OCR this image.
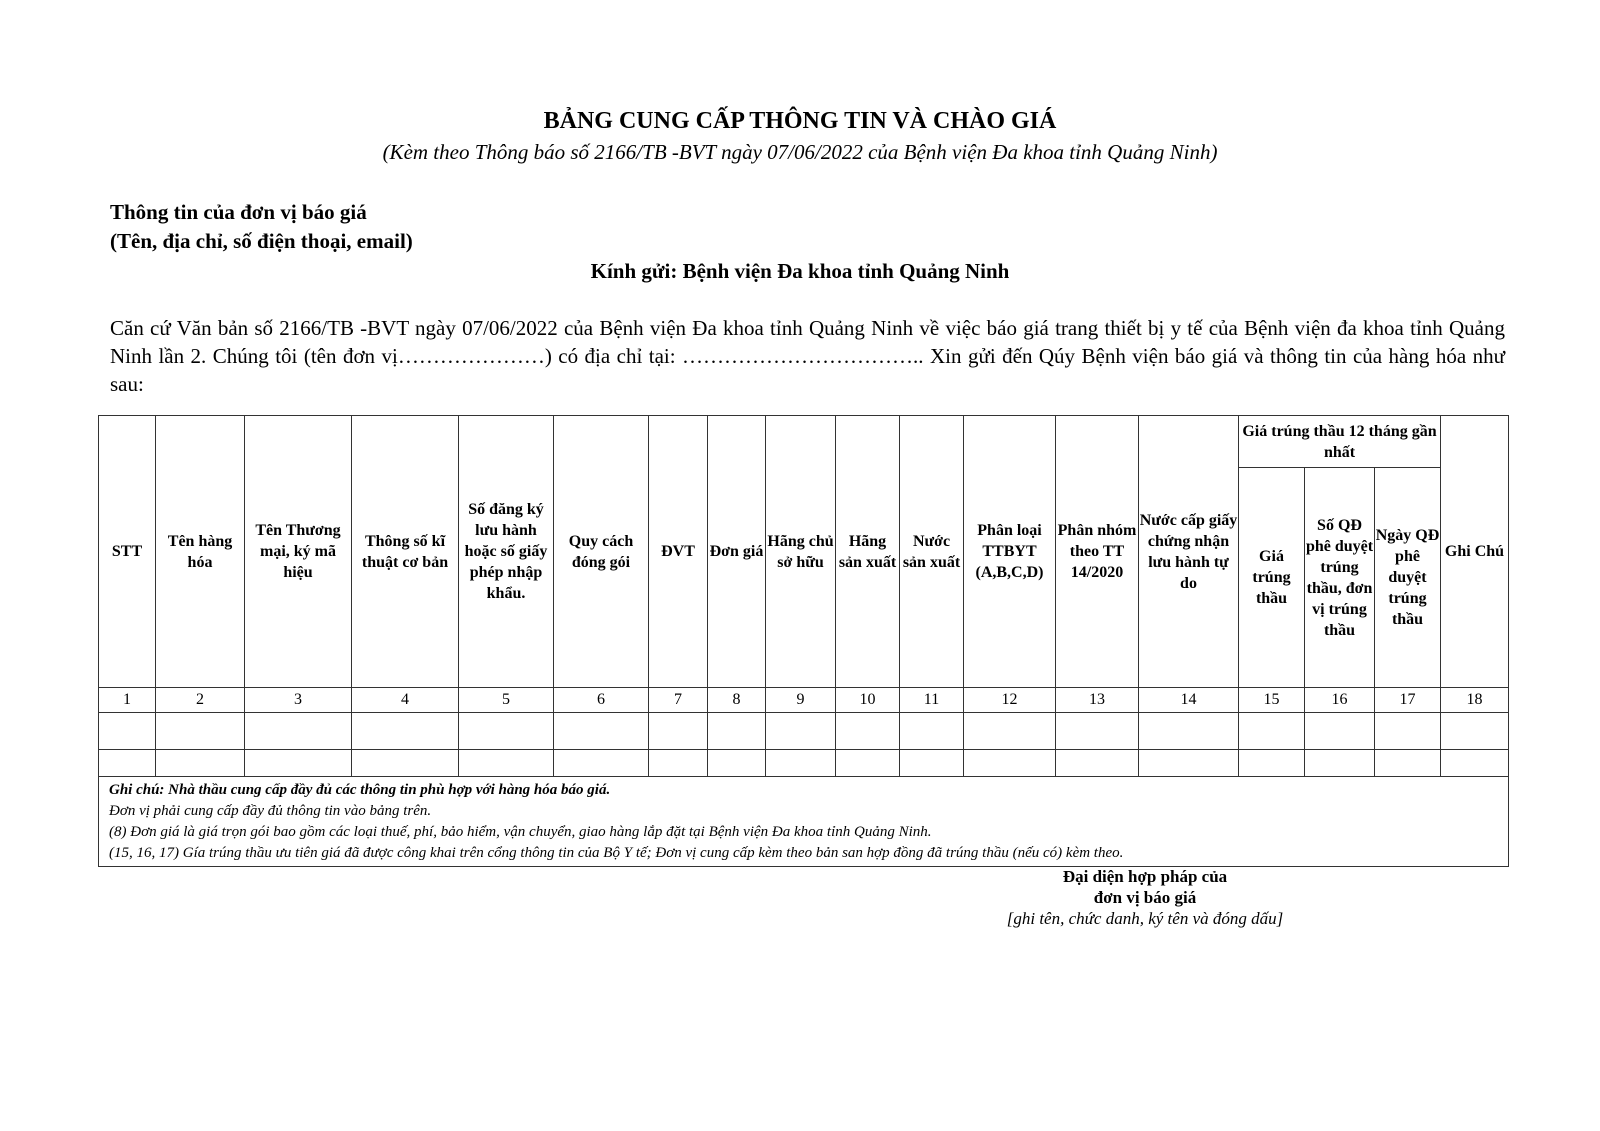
BẢNG CUNG CẤP THÔNG TIN VÀ CHÀO GIÁ
(Kèm theo Thông báo số 2166/TB -BVT ngày 07/06/2022 của Bệnh viện Đa khoa tỉnh Quảng Ninh)
Thông tin của đơn vị báo giá
(Tên, địa chỉ, số điện thoại, email)
Kính gửi: Bệnh viện Đa khoa tỉnh Quảng Ninh
Căn cứ Văn bản số 2166/TB -BVT ngày 07/06/2022 của Bệnh viện Đa khoa tỉnh Quảng Ninh về việc báo giá trang thiết bị y tế của Bệnh viện đa khoa tỉnh Quảng Ninh lần 2. Chúng tôi (tên đơn vị…………………) có địa chỉ tại: …………………………….. Xin gửi đến Qúy Bệnh viện báo giá và thông tin của hàng hóa như sau:
STT	Tên hàng hóa	Tên Thương mại, ký mã hiệu	Thông số kĩ thuật cơ bản	Số đăng ký lưu hành hoặc số giấy phép nhập khẩu.	Quy cách đóng gói	ĐVT	Đơn giá	Hãng chủ sở hữu	Hãng sản xuất	Nước sản xuất	Phân loại TTBYT (A,B,C,D)	Phân nhóm theo TT 14/2020	Nước cấp giấy chứng nhận lưu hành tự do	Giá trúng thầu 12 tháng gần nhất			Ghi Chú
														Giá trúng thầu	Số QĐ phê duyệt trúng thầu, đơn vị trúng thầu	Ngày QĐ phê duyệt trúng thầu	
1	2	3	4	5	6	7	8	9	10	11	12	13	14	15	16	17	18

Ghi chú: Nhà thầu cung cấp đầy đủ các thông tin phù hợp với hàng hóa báo giá.
Đơn vị phải cung cấp đầy đủ thông tin vào bảng trên.
(8) Đơn giá là giá trọn gói bao gồm các loại thuế, phí, bảo hiểm, vận chuyển, giao hàng lắp đặt tại Bệnh viện Đa khoa tỉnh Quảng Ninh.
(15, 16, 17) Gía trúng thầu ưu tiên giá đã được công khai trên cổng thông tin của Bộ Y tế; Đơn vị cung cấp kèm theo bản san hợp đồng đã trúng thầu (nếu có) kèm theo.																	
Đại diện hợp pháp của
đơn vị báo giá
[ghi tên, chức danh, ký tên và đóng dấu]
